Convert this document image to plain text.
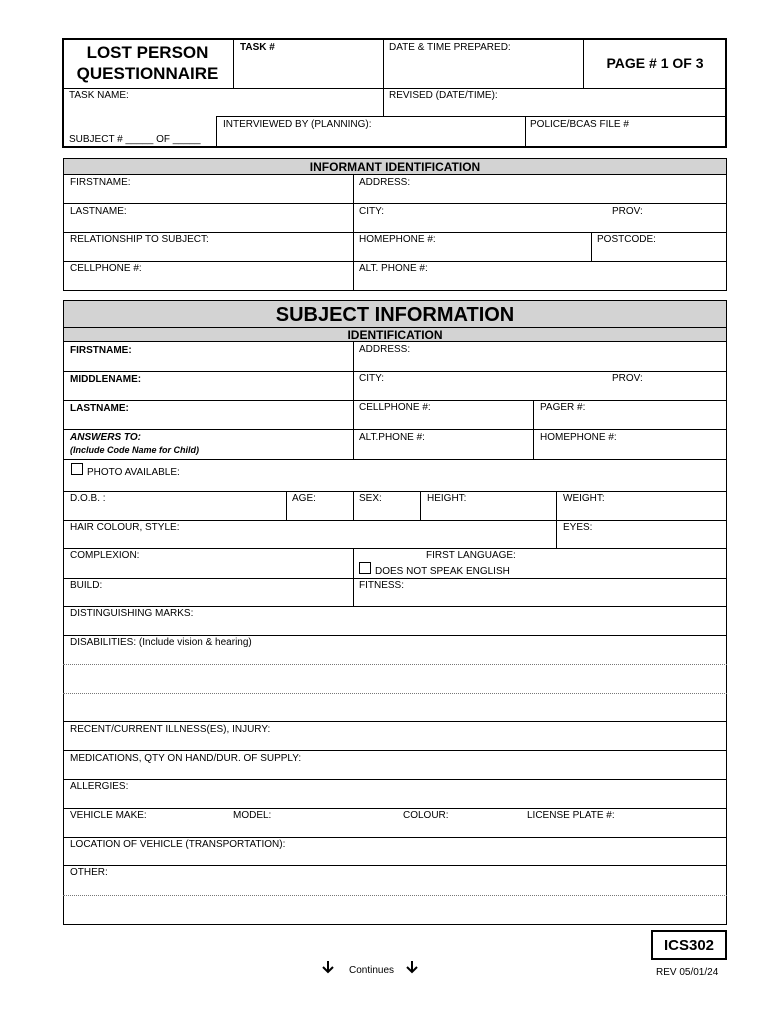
LOST PERSON
QUESTIONNAIRE
TASK #	DATE & TIME PREPARED:
PAGE # 1 OF 3
TASK NAME:	REVISED (DATE/TIME):
SUBJECT # _____ OF _____
INTERVIEWED BY (PLANNING):	POLICE/BCAS FILE #
INFORMANT IDENTIFICATION
FIRSTNAME:	ADDRESS:
LASTNAME:	CITY:	PROV:
RELATIONSHIP TO SUBJECT:	HOMEPHONE #:	POSTCODE:
CELLPHONE #:	ALT. PHONE #:
SUBJECT INFORMATION
IDENTIFICATION
FIRSTNAME:	ADDRESS:
MIDDLENAME:	CITY:	PROV:
LASTNAME:	CELLPHONE #:	PAGER #:
ANSWERS TO:
(Include Code Name for Child)
ALT.PHONE #:	HOMEPHONE #:
PHOTO AVAILABLE:
D.O.B. :	AGE:	SEX:	HEIGHT:	WEIGHT:
HAIR COLOUR, STYLE:	EYES:
COMPLEXION:	FIRST LANGUAGE:
DOES NOT SPEAK ENGLISH
BUILD:	FITNESS:
DISTINGUISHING MARKS:
DISABILITIES: (Include vision & hearing)
RECENT/CURRENT ILLNESS(ES), INJURY:
MEDICATIONS, QTY ON HAND/DUR. OF SUPPLY:
ALLERGIES:
VEHICLE MAKE:	MODEL:	COLOUR:	LICENSE PLATE #:
LOCATION OF VEHICLE (TRANSPORTATION):
OTHER:
ICS302
Continues	REV 05/01/24
